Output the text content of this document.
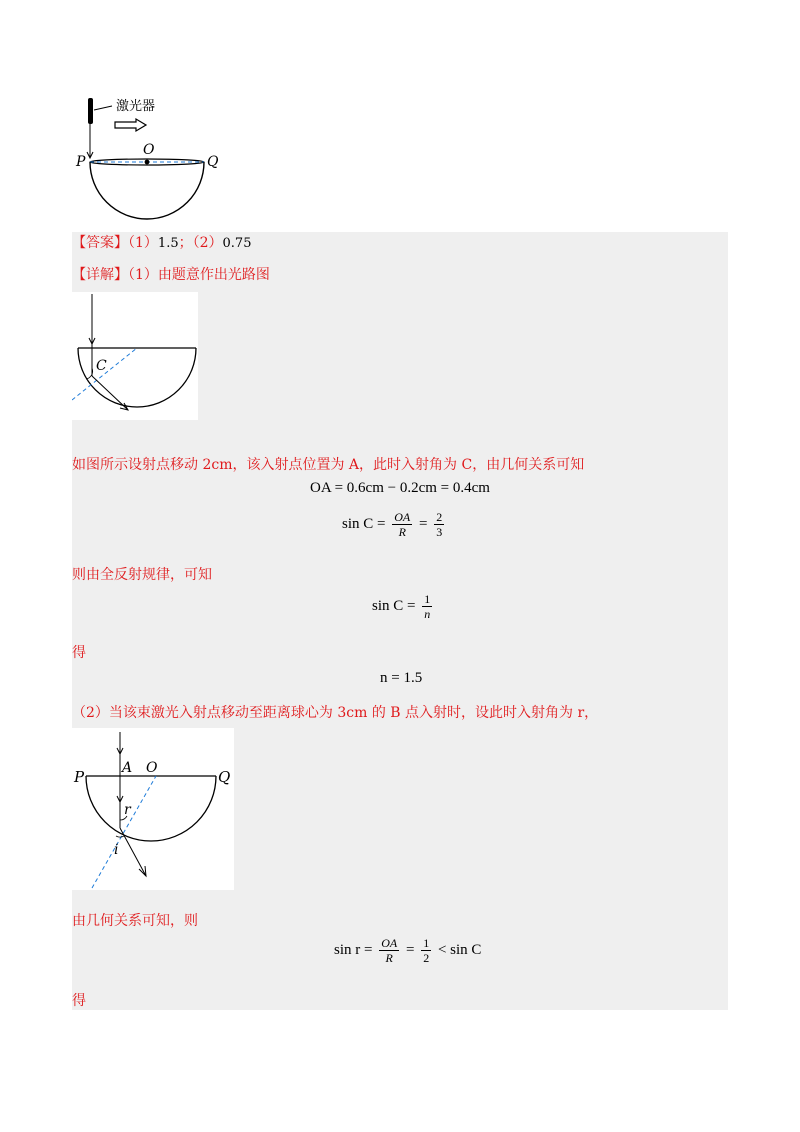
激光器
P
O
Q
【答案】（1）1.5；（2）0.75
【详解】（1）由题意作出光路图
C
如图所示设射点移动 2cm，该入射点位置为 A，此时入射角为 C，由几何关系可知
OA = 0.6cm − 0.2cm = 0.4cm
$\sin C = \frac{OA}{R} = \frac{2}{3}$
则由全反射规律，可知
$\sin C = \frac{1}{n}$
得
n = 1.5
（2）当该束激光入射点移动至距离球心为 3cm 的 B 点入射时，设此时入射角为 r，
P	A O	Q
r
i
由几何关系可知，则
$\sin r = \frac{OA}{R} = \frac{1}{2} < \sin C$
得
